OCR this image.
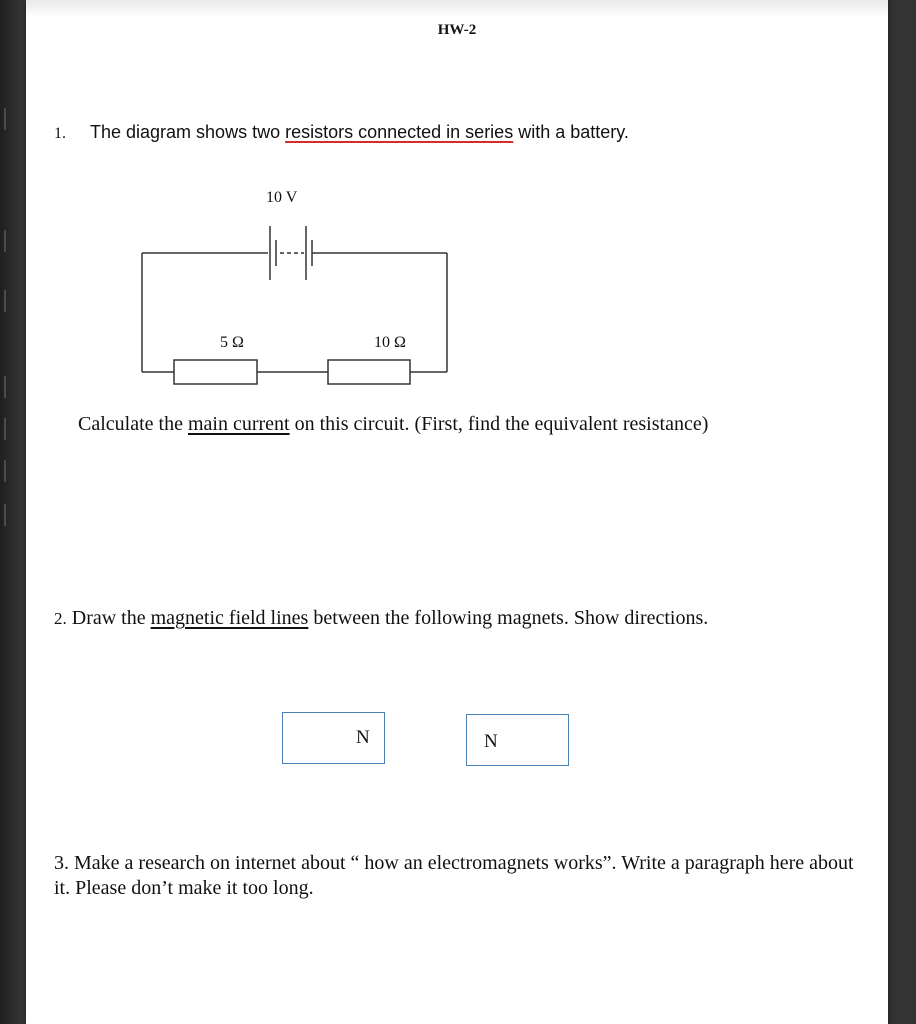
HW-2
1. The diagram shows two resistors connected in series with a battery.
10 V
5 Ω	10 Ω
Calculate the main current on this circuit. (First, find the equivalent resistance)
2. Draw the magnetic field lines between the following magnets. Show directions.
N	N
3. Make a research on internet about “ how an electromagnets works”. Write a paragraph here about it. Please don’t make it too long.
